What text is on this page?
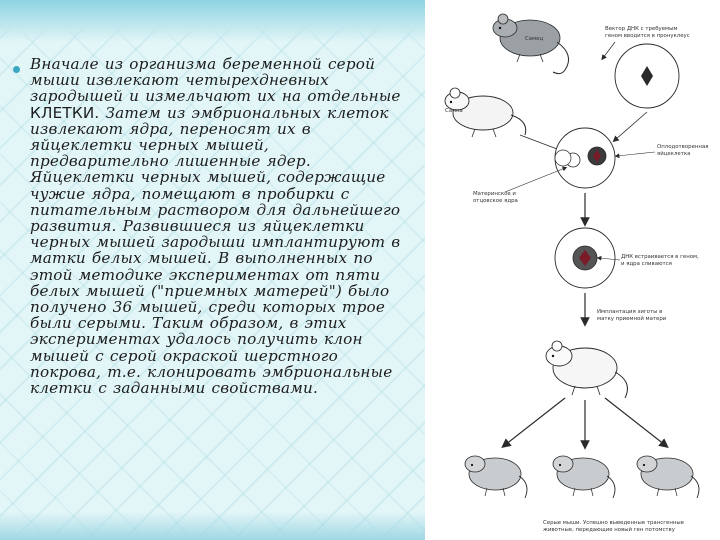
Вначале из организма беременной серой мыши извлекают четырехдневных зародышей и измельчают их на отдельные КЛЕТКИ. Затем из эмбриональных клеток извлекают ядра, переносят их в яйцеклетки черных мышей, предварительно лишенные ядер. Яйцеклетки черных мышей, содержащие чужие ядра, помещают в пробирки с питательным раствором для дальнейшего развития. Развившиеся из яйцеклетки черных мышей зародыши имплантируют в матки белых мышей. В выполненных по этой методике экспериментах от пяти белых мышей ("приемных матерей") было получено 36 мышей, среди которых трое были серыми. Таким образом, в этих экспериментах удалось получить клон мышей с серой окраской шерстного покрова, т.е. клонировать эмбриональные клетки с заданными свойствами.

Самец
Вектор ДНК с требуемым
геном вводится в пронуклеус
Самка
Оплодотворенная
яйцеклетка
Материнское и
отцовское ядра
ДНК встраивается в геном,
и ядра сливаются
Имплантация зиготы в
матку приемной матери
Серые мыши. Успешно выведенные трансгенные
животные, передающие новый ген потомству
